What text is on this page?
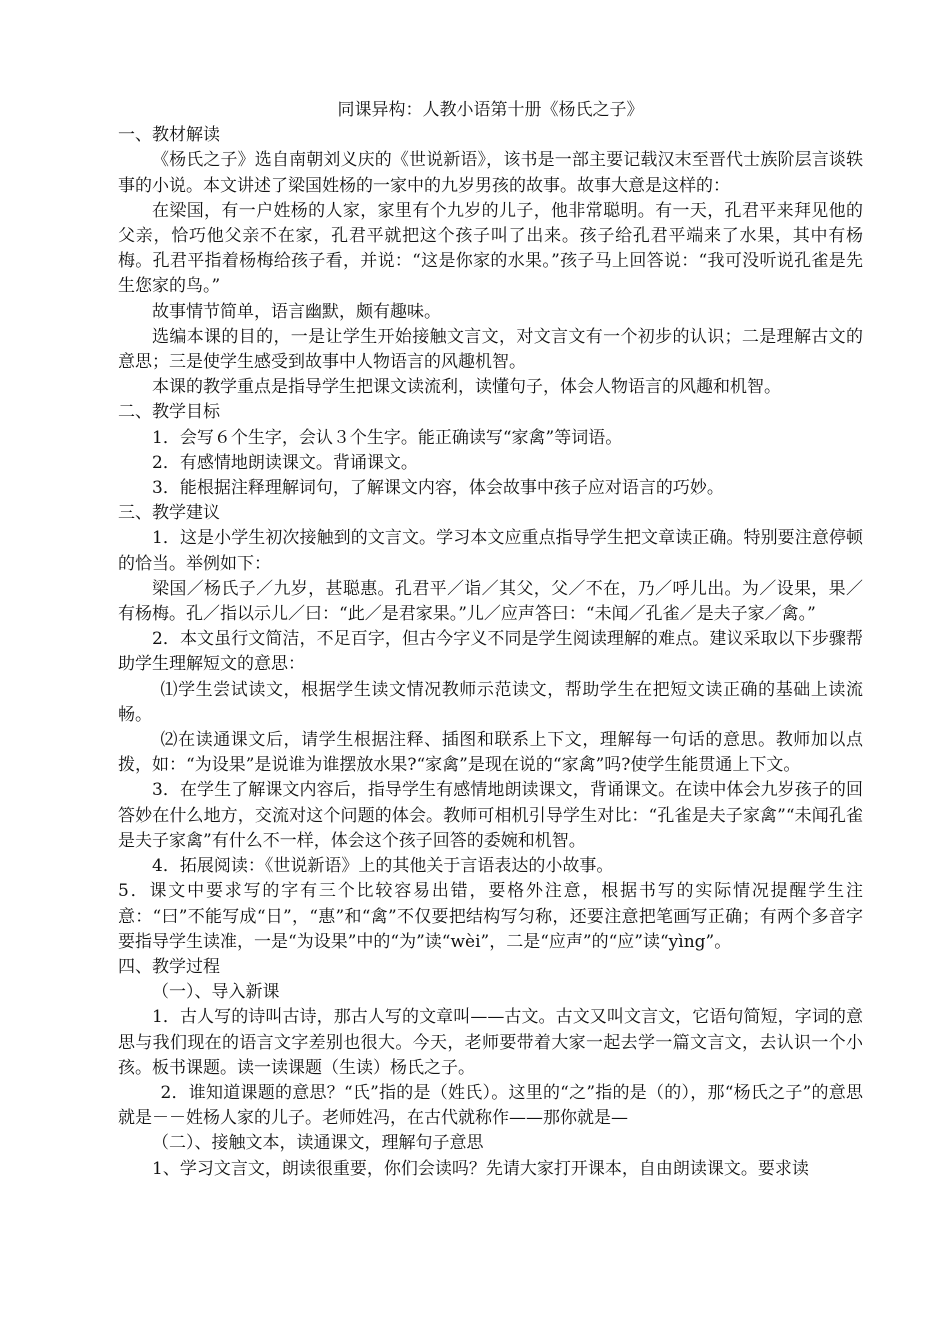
同课异构：人教小语第十册《杨氏之子》

一、教材解读

《杨氏之子》选自南朝刘义庆的《世说新语》，该书是一部主要记载汉末至晋代士族阶层言谈轶事的小说。本文讲述了梁国姓杨的一家中的九岁男孩的故事。故事大意是这样的：

在梁国，有一户姓杨的人家，家里有个九岁的儿子，他非常聪明。有一天，孔君平来拜见他的父亲，恰巧他父亲不在家，孔君平就把这个孩子叫了出来。孩子给孔君平端来了水果，其中有杨梅。孔君平指着杨梅给孩子看，并说：“这是你家的水果。”孩子马上回答说：“我可没听说孔雀是先生您家的鸟。”

故事情节简单，语言幽默，颇有趣味。

选编本课的目的，一是让学生开始接触文言文，对文言文有一个初步的认识；二是理解古文的意思；三是使学生感受到故事中人物语言的风趣机智。

本课的教学重点是指导学生把课文读流利，读懂句子，体会人物语言的风趣和机智。

二、教学目标

1．会写６个生字，会认３个生字。能正确读写“家禽”等词语。

2．有感情地朗读课文。背诵课文。

3．能根据注释理解词句，了解课文内容，体会故事中孩子应对语言的巧妙。

三、教学建议

1．这是小学生初次接触到的文言文。学习本文应重点指导学生把文章读正确。特别要注意停顿的恰当。举例如下：

梁国／杨氏子／九岁，甚聪惠。孔君平／诣／其父，父／不在，乃／呼儿出。为／设果，果／有杨梅。孔／指以示儿／曰：“此／是君家果。”儿／应声答曰：“未闻／孔雀／是夫子家／禽。”

2．本文虽行文简洁，不足百字，但古今字义不同是学生阅读理解的难点。建议采取以下步骤帮助学生理解短文的意思：

⑴学生尝试读文，根据学生读文情况教师示范读文，帮助学生在把短文读正确的基础上读流畅。

⑵在读通课文后，请学生根据注释、插图和联系上下文，理解每一句话的意思。教师加以点拨，如：“为设果”是说谁为谁摆放水果?“家禽”是现在说的“家禽”吗?使学生能贯通上下文。

3．在学生了解课文内容后，指导学生有感情地朗读课文，背诵课文。在读中体会九岁孩子的回答妙在什么地方，交流对这个问题的体会。教师可相机引导学生对比：“孔雀是夫子家禽”“未闻孔雀是夫子家禽”有什么不一样，体会这个孩子回答的委婉和机智。

4．拓展阅读：《世说新语》上的其他关于言语表达的小故事。

5．课文中要求写的字有三个比较容易出错，要格外注意，根据书写的实际情况提醒学生注意：“曰”不能写成“日”，“惠”和“禽”不仅要把结构写匀称，还要注意把笔画写正确；有两个多音字要指导学生读准，一是“为设果”中的“为”读“wèi”，二是“应声”的“应”读“yìng”。

四、教学过程

（一）、导入新课

1．古人写的诗叫古诗，那古人写的文章叫——古文。古文又叫文言文，它语句简短，字词的意思与我们现在的语言文字差别也很大。今天，老师要带着大家一起去学一篇文言文，去认识一个小孩。板书课题。读一读课题（生读）杨氏之子。

2．谁知道课题的意思？“氏”指的是（姓氏）。这里的“之”指的是（的），那“杨氏之子”的意思就是－－姓杨人家的儿子。老师姓冯，在古代就称作——那你就是—

（二）、接触文本，读通课文，理解句子意思

1、学习文言文，朗读很重要，你们会读吗？先请大家打开课本，自由朗读课文。要求读
